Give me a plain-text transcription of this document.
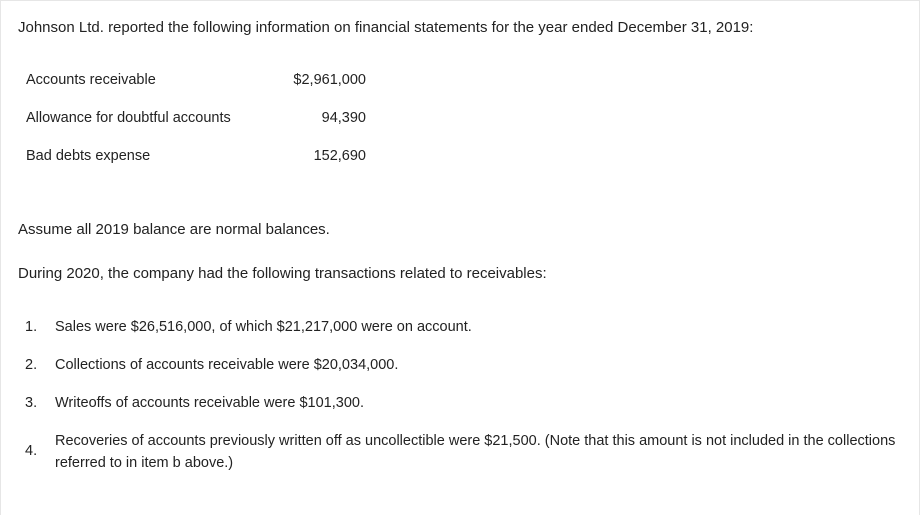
Johnson Ltd. reported the following information on financial statements for the year ended December 31, 2019:
Accounts receivable	$2,961,000
Allowance for doubtful accounts	94,390
Bad debts expense	152,690
Assume all 2019 balance are normal balances.
During 2020, the company had the following transactions related to receivables:
1. Sales were $26,516,000, of which $21,217,000 were on account.
2. Collections of accounts receivable were $20,034,000.
3. Writeoffs of accounts receivable were $101,300.
4.
Recoveries of accounts previously written off as uncollectible were $21,500. (Note that this amount is not included in the collections referred to in item b above.)
